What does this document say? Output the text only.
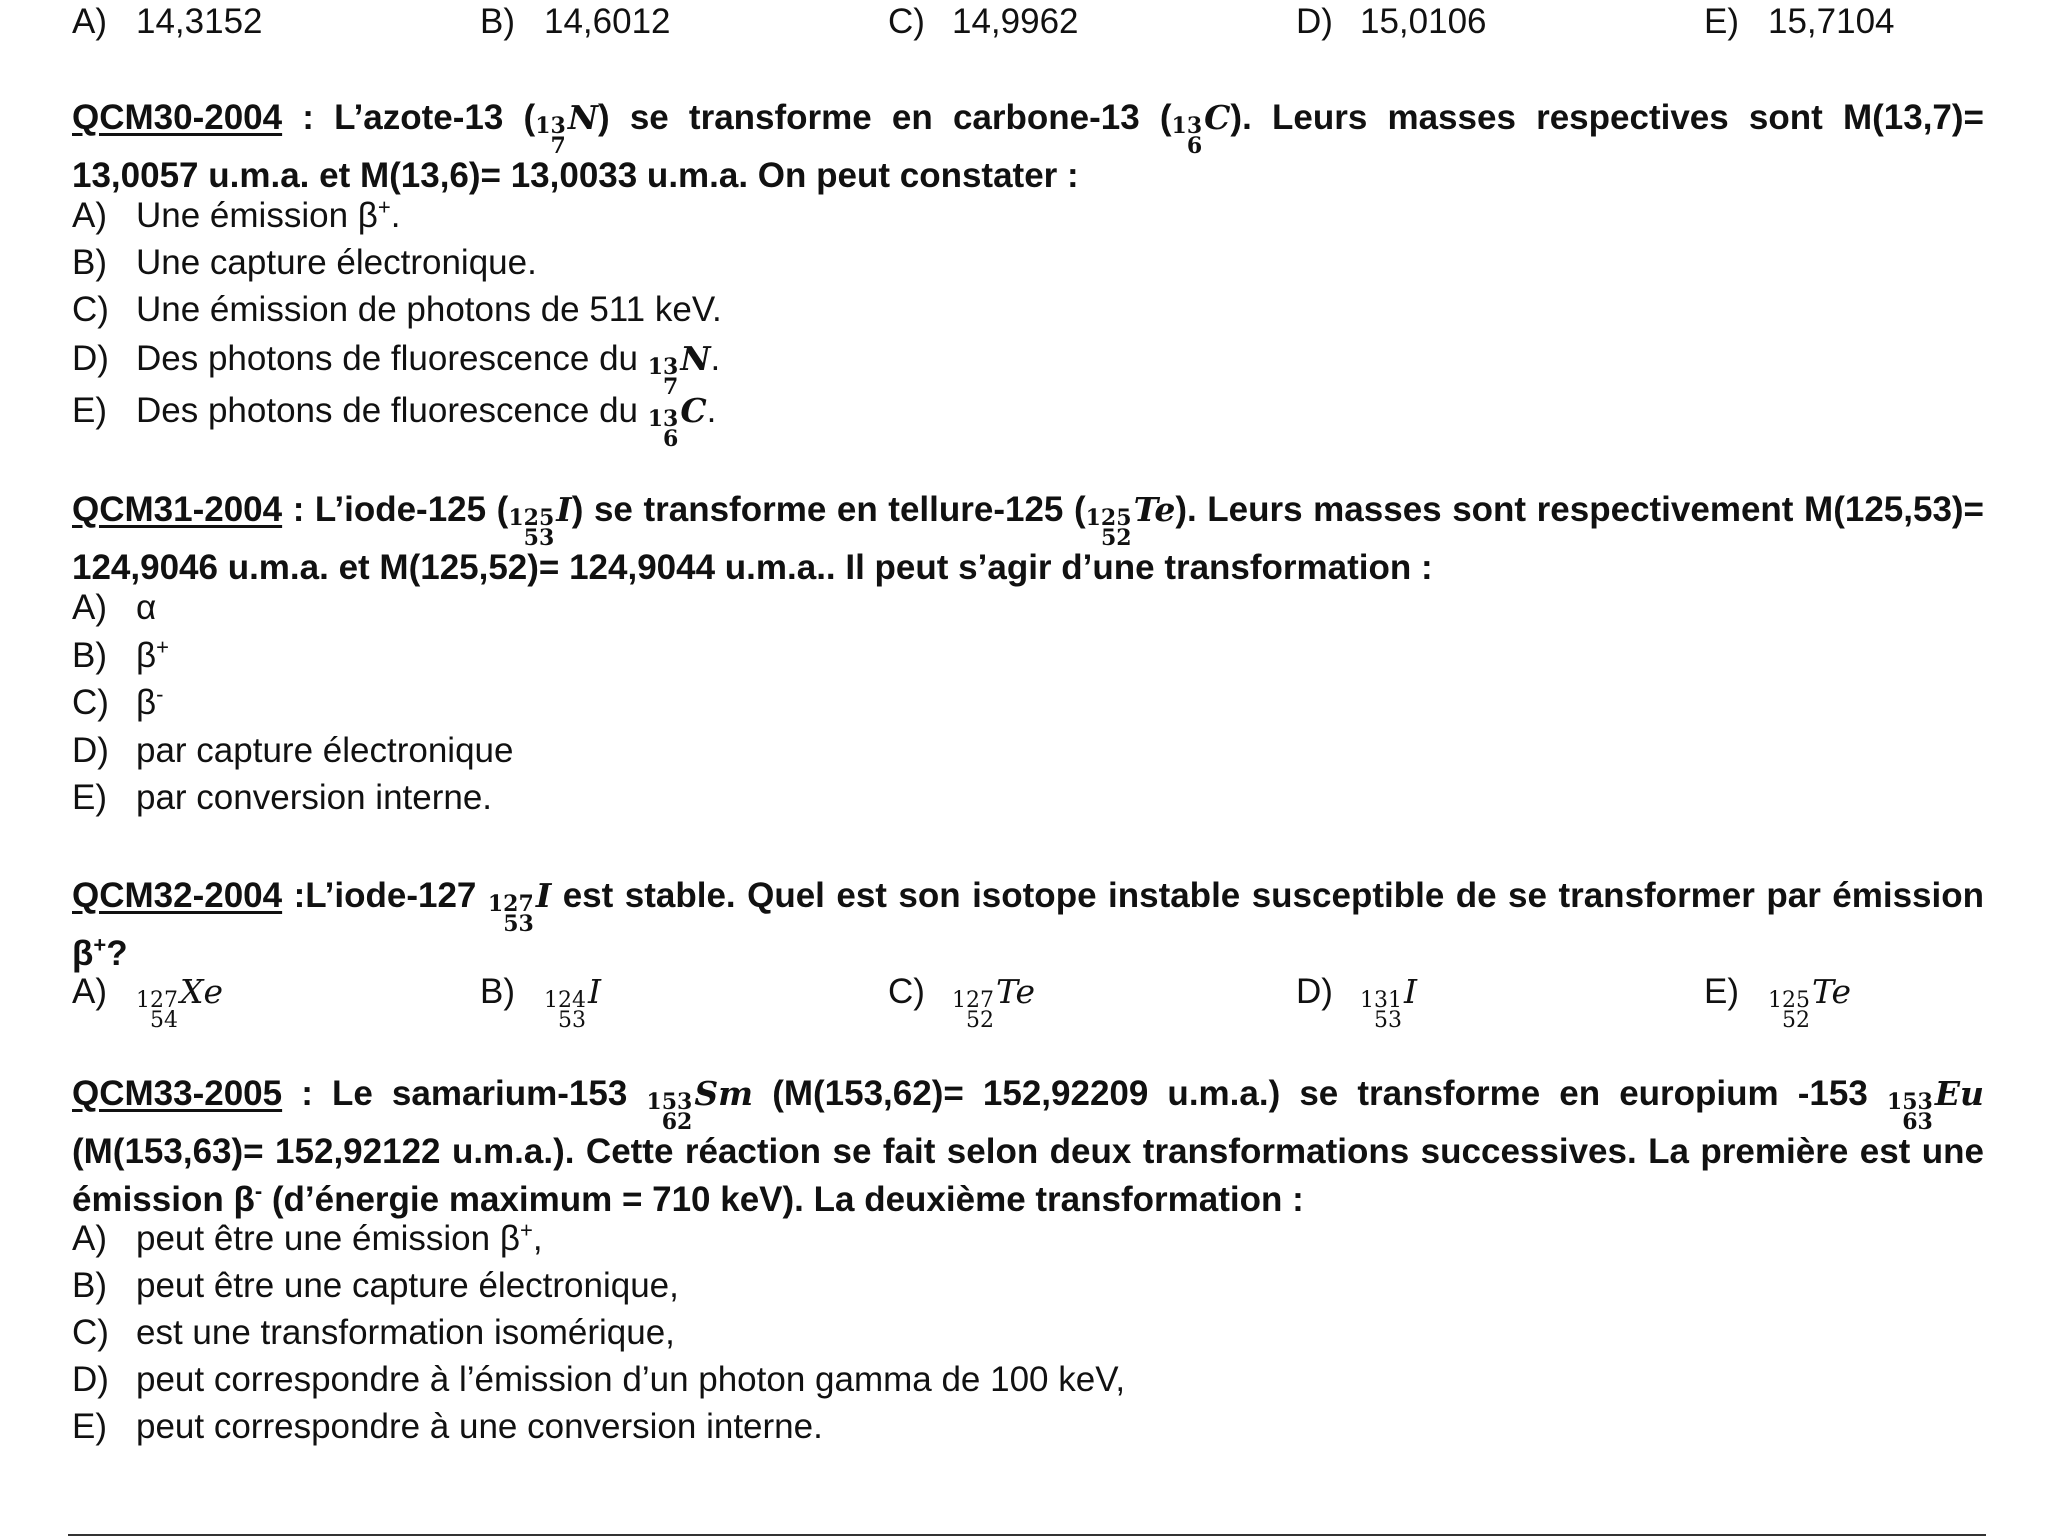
A) 14,3152	B) 14,6012	C) 14,9962	D) 15,0106	E) 15,7104
QCM30-2004 : L’azote-13 ( 13
7
N ) se transforme en carbone-13 ( 13
6
C ). Leurs masses respectives sont M(13,7)= 13,0057 u.m.a. et M(13,6)= 13,0033 u.m.a. On peut constater :
A) Une émission β+.
B) Une capture électronique.
C) Une émission de photons de 511 keV.
D) Des photons de fluorescence du 13
7
N .
E) Des photons de fluorescence du 13
6
C .
QCM31-2004 : L’iode-125 ( 125
53
I ) se transforme en tellure-125 ( 125
52
Te ). Leurs masses sont respectivement M(125,53)= 124,9046 u.m.a. et M(125,52)= 124,9044 u.m.a.. Il peut s’agir d’une transformation :
A) α
B) β+
C) β-
D) par capture électronique
E) par conversion interne.
QCM32-2004 :L’iode-127 127
53
I est stable. Quel est son isotope instable susceptible de se transformer par émission β+?
A) 127
54
Xe	B) 124
53
I	C) 127
52
Te	D) 131
53
I	E) 125
52
Te
QCM33-2005 : Le samarium-153 153
62
Sm (M(153,62)= 152,92209 u.m.a.) se transforme en europium -153 153
63
Eu
(M(153,63)= 152,92122 u.m.a.). Cette réaction se fait selon deux transformations successives. La première est une émission β- (d’énergie maximum = 710 keV). La deuxième transformation :
A) peut être une émission β+,
B) peut être une capture électronique,
C) est une transformation isomérique,
D) peut correspondre à l’émission d’un photon gamma de 100 keV,
E) peut correspondre à une conversion interne.
